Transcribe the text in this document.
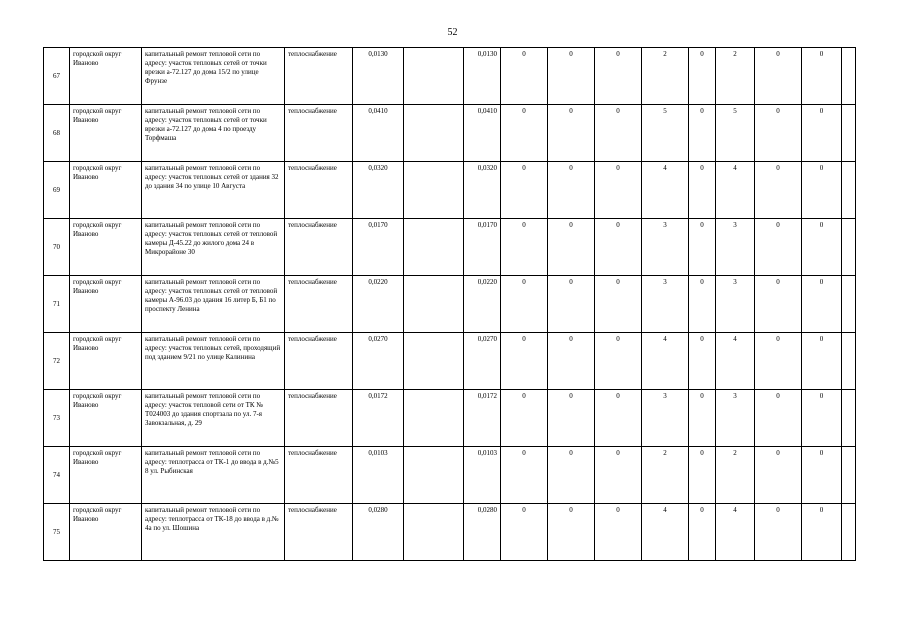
52
67	городской округ Иваново	капитальный ремонт тепловой сети по адресу: участок тепловых сетей от точки врезки а-72.127 до дома 15/2 по улице Фрунзе	теплоснабжение	0,0130		0,0130	0	0	0	2	0	2	0	0	
68	городской округ Иваново	капитальный ремонт тепловой сети по адресу: участок тепловых сетей от точки врезки а-72.127 до дома 4 по проезду Торфмаша	теплоснабжение	0,0410		0,0410	0	0	0	5	0	5	0	0	
69	городской округ Иваново	капитальный ремонт тепловой сети по адресу: участок тепловых сетей от здания 32 до здания 34 по улице 10 Августа	теплоснабжение	0,0320		0,0320	0	0	0	4	0	4	0	0	
70	городской округ Иваново	капитальный ремонт тепловой сети по адресу: участок тепловых сетей от тепловой камеры Д-45.22 до жилого дома 24 в Микрорайоне 30	теплоснабжение	0,0170		0,0170	0	0	0	3	0	3	0	0	
71	городской округ Иваново	капитальный ремонт тепловой сети по адресу: участок тепловых сетей от тепловой камеры А-96.03 до здания 16 литер Б, Б1 по проспекту Ленина	теплоснабжение	0,0220		0,0220	0	0	0	3	0	3	0	0	
72	городской округ Иваново	капитальный ремонт тепловой сети по адресу: участок тепловых сетей, проходящий под зданием 9/21 по улице Калинина	теплоснабжение	0,0270		0,0270	0	0	0	4	0	4	0	0	
73	городской округ Иваново	капитальный ремонт тепловой сети по адресу: участок тепловой сети от ТК № Т024003 до здания спортзала по ул. 7-я Завокзальная, д. 29	теплоснабжение	0,0172		0,0172	0	0	0	3	0	3	0	0	
74	городской округ Иваново	капитальный ремонт тепловой сети по адресу: теплотрасса от ТК-1 до ввода в д.№5 8 ул. Рыбинская	теплоснабжение	0,0103		0,0103	0	0	0	2	0	2	0	0	
75	городской округ Иваново	капитальный ремонт тепловой сети по адресу: теплотрасса от ТК-18 до ввода в д.№ 4а по ул. Шошина	теплоснабжение	0,0280		0,0280	0	0	0	4	0	4	0	0	
